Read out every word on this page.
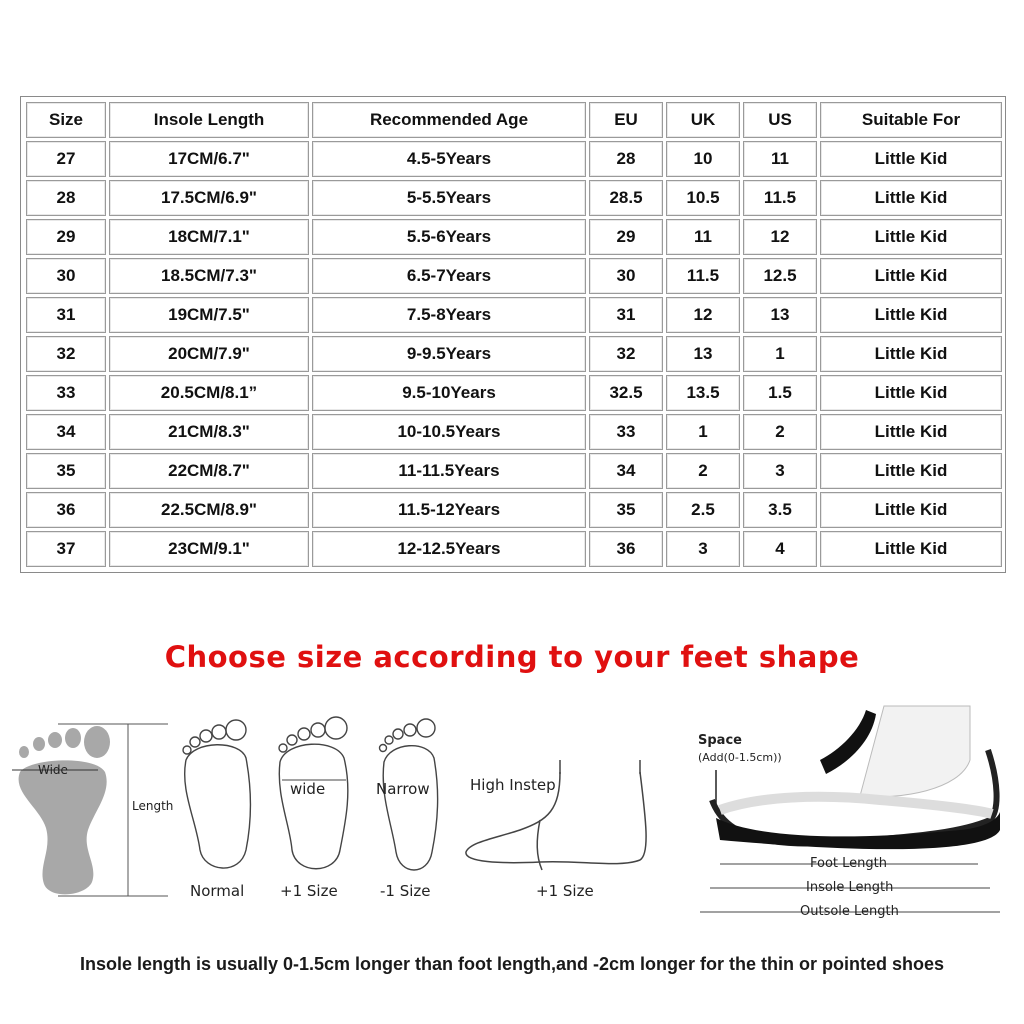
Size	Insole Length	Recommended Age	EU	UK	US	Suitable For
27	17CM/6.7"	4.5-5Years	28	10	11	Little Kid
28	17.5CM/6.9"	5-5.5Years	28.5	10.5	11.5	Little Kid
29	18CM/7.1"	5.5-6Years	29	11	12	Little Kid
30	18.5CM/7.3"	6.5-7Years	30	11.5	12.5	Little Kid
31	19CM/7.5"	7.5-8Years	31	12	13	Little Kid
32	20CM/7.9"	9-9.5Years	32	13	1	Little Kid
33	20.5CM/8.1”	9.5-10Years	32.5	13.5	1.5	Little Kid
34	21CM/8.3"	10-10.5Years	33	1	2	Little Kid
35	22CM/8.7"	11-11.5Years	34	2	3	Little Kid
36	22.5CM/8.9"	11.5-12Years	35	2.5	3.5	Little Kid
37	23CM/9.1"	12-12.5Years	36	3	4	Little Kid
Choose size according to your feet shape
Wide
Length
Normal
wide
+1 Size
Narrow
-1 Size
High Instep
+1 Size
Space
(Add(0-1.5cm))
Foot Length
Insole Length
Outsole Length
Insole length is usually 0-1.5cm longer than foot length,and -2cm longer for the thin or pointed shoes
